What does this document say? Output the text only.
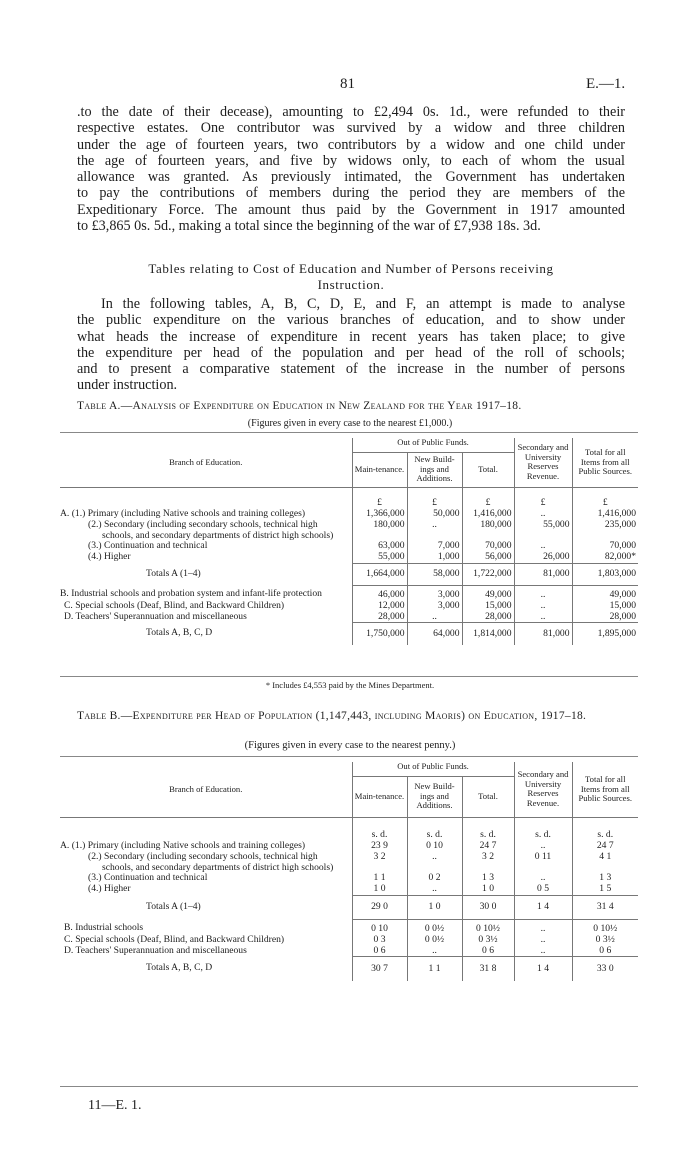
81	E.—1.
.to the date of their decease), amounting to £2,494 0s. 1d., were refunded to their
respective estates. One contributor was survived by a widow and three children
under the age of fourteen years, two contributors by a widow and one child under
the age of fourteen years, and five by widows only, to each of whom the usual
allowance was granted. As previously intimated, the Government has undertaken
to pay the contributions of members during the period they are members of the
Expeditionary Force. The amount thus paid by the Government in 1917 amounted
to £3,865 0s. 5d., making a total since the beginning of the war of £7,938 18s. 3d.
Tables relating to Cost of Education and Number of Persons receiving
Instruction.
In the following tables, A, B, C, D, E, and F, an attempt is made to analyse
the public expenditure on the various branches of education, and to show under
what heads the increase of expenditure in recent years has taken place; to give
the expenditure per head of the population and per head of the roll of schools;
and to present a comparative statement of the increase in the number of persons
under instruction.
Table A.—Analysis of Expenditure on Education in New Zealand for the Year 1917–18.
(Figures given in every case to the nearest £1,000.)
Branch of Education.	Out of Public Funds.			Secondary and University Reserves Revenue.	Total for all Items from all Public Sources.
	Main-tenance.	New Build-ings and Additions.	Total.		
	£	£	£	£	£
A. (1.) Primary (including Native schools and training colleges)	1,366,000	50,000	1,416,000	..	1,416,000
(2.) Secondary (including secondary schools, technical high schools, and secondary departments of district high schools)	180,000	..	180,000	55,000	235,000
(3.) Continuation and technical	63,000	7,000	70,000	..	70,000
(4.) Higher	55,000	1,000	56,000	26,000	82,000*
Totals A (1–4)	1,664,000	58,000	1,722,000	81,000	1,803,000
B. Industrial schools and probation system and infant-life protection	46,000	3,000	49,000	..	49,000
C. Special schools (Deaf, Blind, and Backward Children)	12,000	3,000	15,000	..	15,000
D. Teachers' Superannuation and miscellaneous	28,000	..	28,000	..	28,000
Totals A, B, C, D	1,750,000	64,000	1,814,000	81,000	1,895,000
* Includes £4,553 paid by the Mines Department.
Table B.—Expenditure per Head of Population (1,147,443, including Maoris) on Education, 1917–18.
(Figures given in every case to the nearest penny.)
Branch of Education.	Out of Public Funds.			Secondary and University Reserves Revenue.	Total for all Items from all Public Sources.
	Main-tenance.	New Build-ings and Additions.	Total.		
	s. d.	s. d.	s. d.	s. d.	s. d.
A. (1.) Primary (including Native schools and training colleges)	23 9	0 10	24 7	..	24 7
(2.) Secondary (including secondary schools, technical high schools, and secondary departments of district high schools)	3 2	..	3 2	0 11	4 1
(3.) Continuation and technical	1 1	0 2	1 3	..	1 3
(4.) Higher	1 0	..	1 0	0 5	1 5
Totals A (1–4)	29 0	1 0	30 0	1 4	31 4
B. Industrial schools	0 10	0 0½	0 10½	..	0 10½
C. Special schools (Deaf, Blind, and Backward Children)	0 3	0 0½	0 3½	..	0 3½
D. Teachers' Superannuation and miscellaneous	0 6	..	0 6	..	0 6
Totals A, B, C, D	30 7	1 1	31 8	1 4	33 0
11—E. 1.
